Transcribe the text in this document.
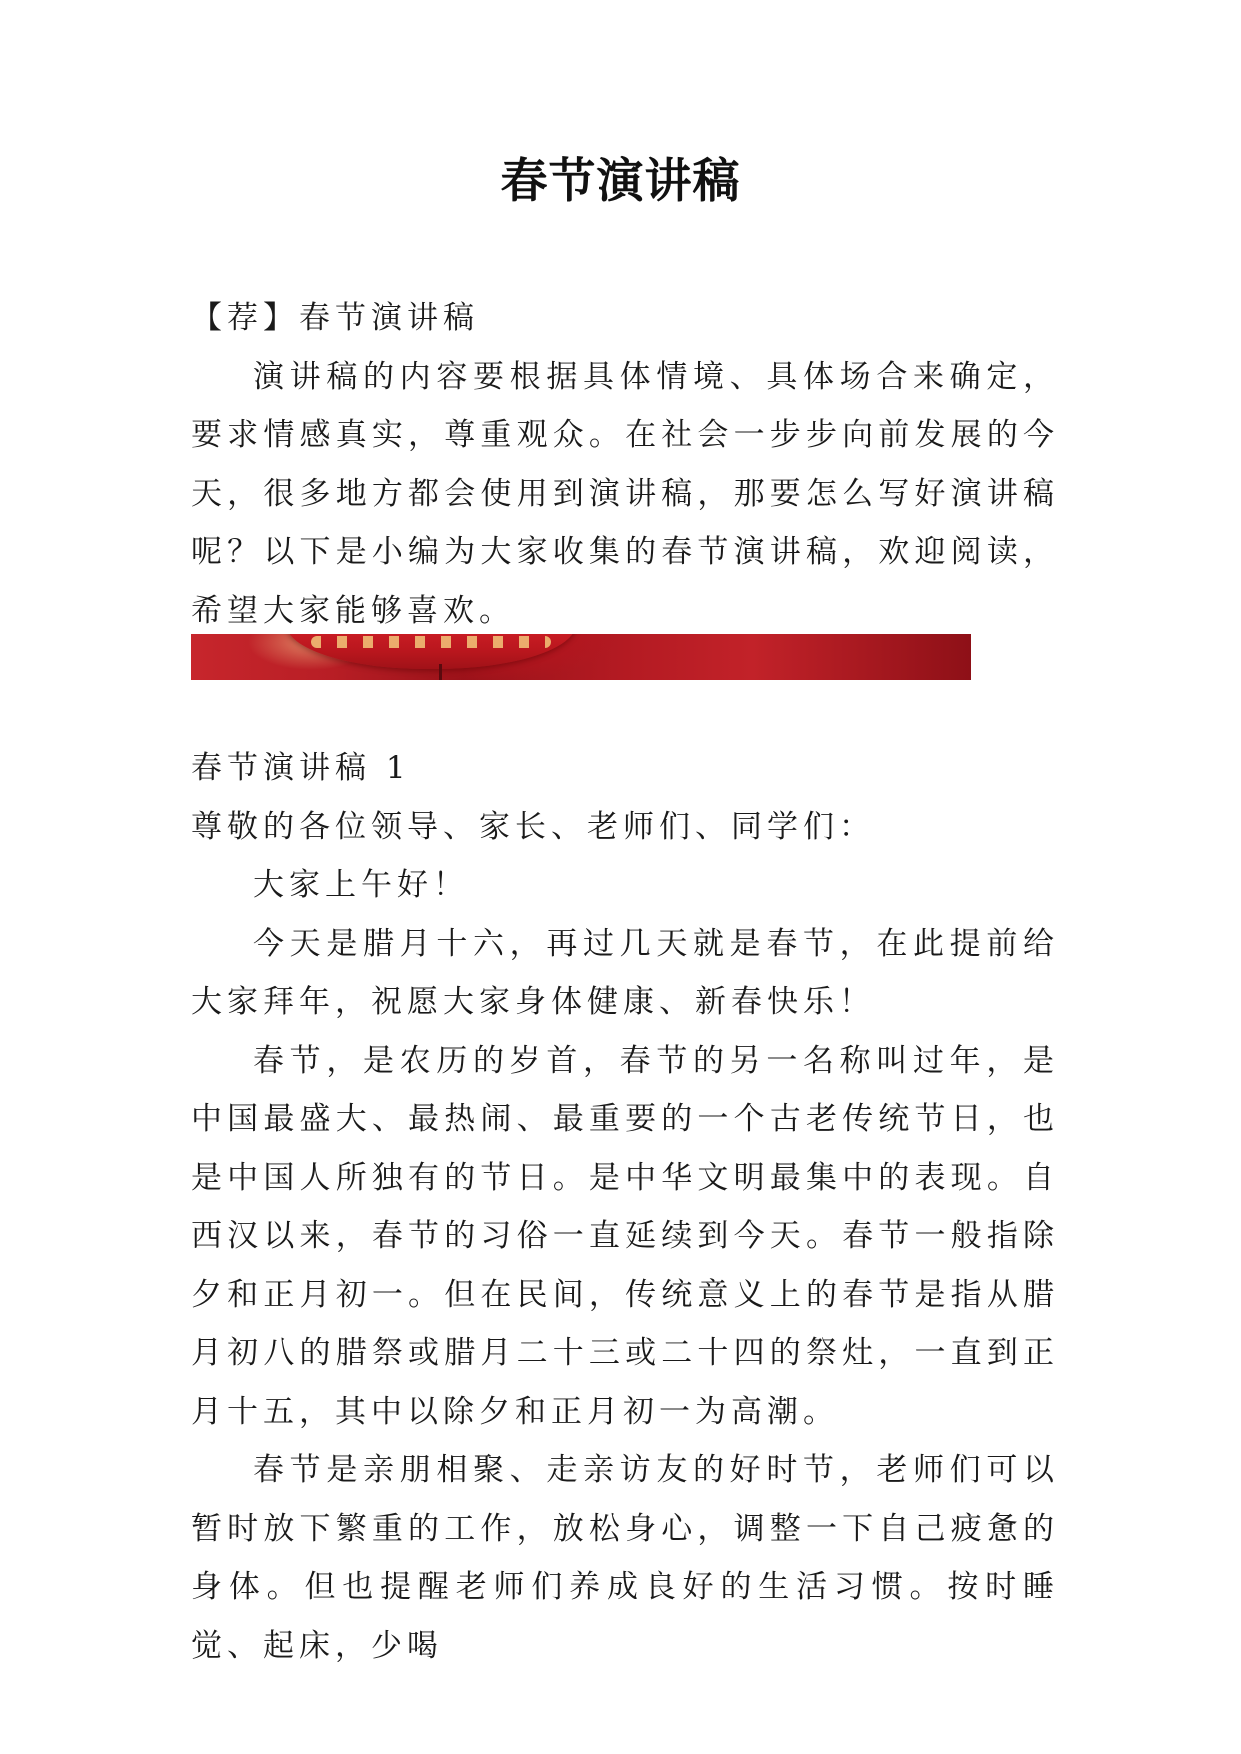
春节演讲稿

【荐】春节演讲稿

演讲稿的内容要根据具体情境、具体场合来确定，要求情感真实，尊重观众。在社会一步步向前发展的今天，很多地方都会使用到演讲稿，那要怎么写好演讲稿呢？以下是小编为大家收集的春节演讲稿，欢迎阅读，希望大家能够喜欢。

春节演讲稿 1

尊敬的各位领导、家长、老师们、同学们：

大家上午好！

今天是腊月十六，再过几天就是春节，在此提前给大家拜年，祝愿大家身体健康、新春快乐！

春节，是农历的岁首，春节的另一名称叫过年，是中国最盛大、最热闹、最重要的一个古老传统节日，也是中国人所独有的节日。是中华文明最集中的表现。自西汉以来，春节的习俗一直延续到今天。春节一般指除夕和正月初一。但在民间，传统意义上的春节是指从腊月初八的腊祭或腊月二十三或二十四的祭灶，一直到正月十五，其中以除夕和正月初一为高潮。

春节是亲朋相聚、走亲访友的好时节，老师们可以暂时放下繁重的工作，放松身心，调整一下自己疲惫的身体。但也提醒老师们养成良好的生活习惯。按时睡觉、起床，少喝
